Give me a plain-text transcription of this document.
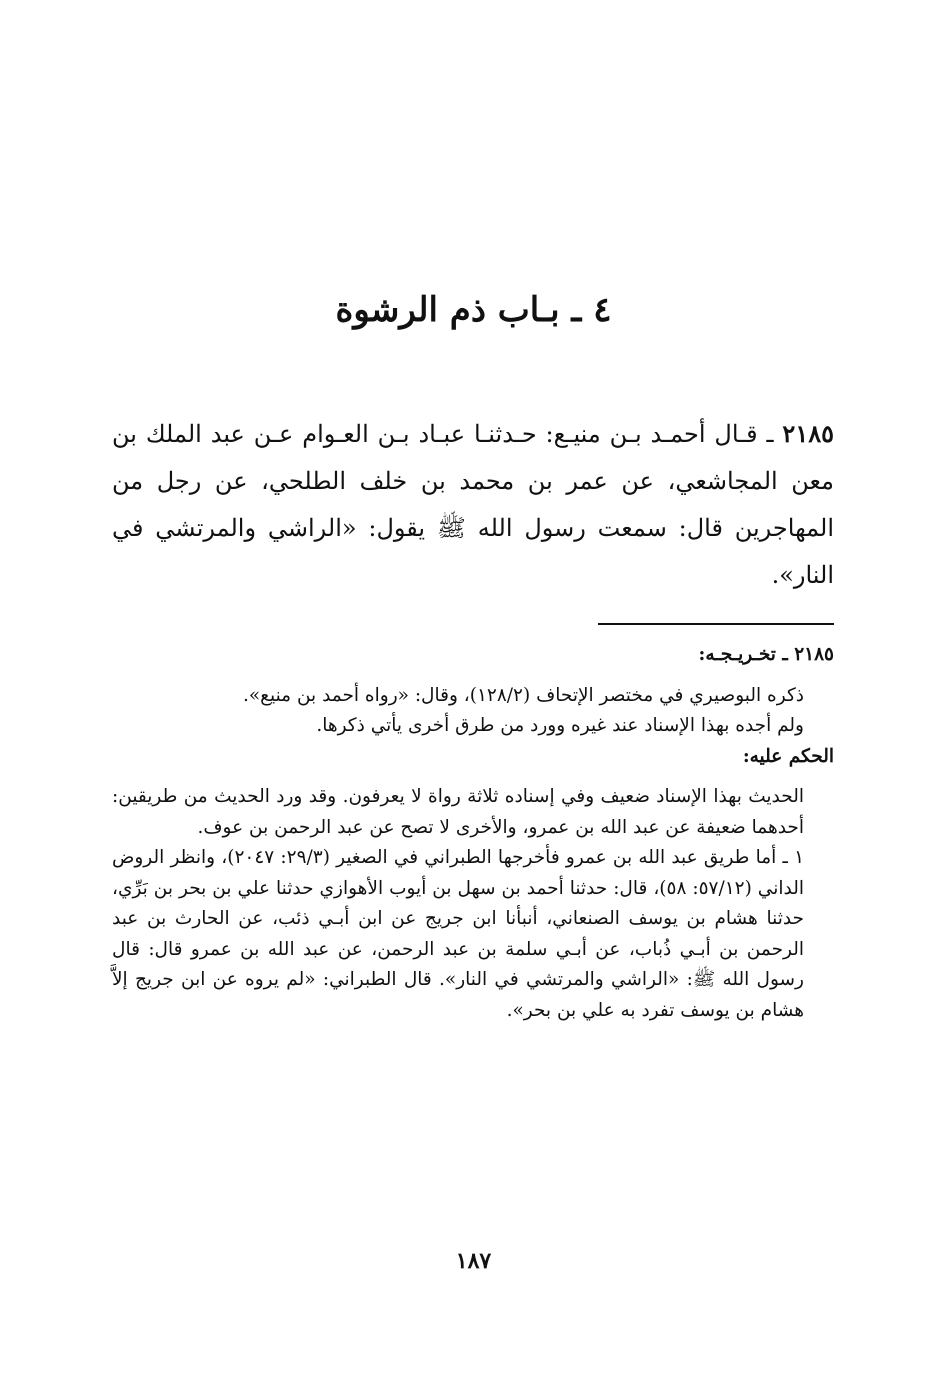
٤ ـ بـاب ذم الرشوة

٢١٨٥ ـ قـال أحمـد بـن منيـع: حـدثنـا عبـاد بـن العـوام عـن عبد الملك بن معن المجاشعي، عن عمر بن محمد بن خلف الطلحي، عن رجل من المهاجرين قال: سمعت رسول الله ﷺ يقول: «الراشي والمرتشي في النار».

٢١٨٥ ـ تخـريـجـه:

ذكره البوصيري في مختصر الإتحاف (١٢٨/٢)، وقال: «رواه أحمد بن منيع».

ولم أجده بهذا الإسناد عند غيره وورد من طرق أخرى يأتي ذكرها.

الحكم عليه:

الحديث بهذا الإسناد ضعيف وفي إسناده ثلاثة رواة لا يعرفون. وقد ورد الحديث من طريقين: أحدهما ضعيفة عن عبد الله بن عمرو، والأخرى لا تصح عن عبد الرحمن بن عوف.

١ ـ أما طريق عبد الله بن عمرو فأخرجها الطبراني في الصغير (٢٩/٣: ٢٠٤٧)، وانظر الروض الداني (٥٧/١٢: ٥٨)، قال: حدثنا أحمد بن سهل بن أيوب الأهوازي حدثنا علي بن بحر بن بَرِّي، حدثنا هشام بن يوسف الصنعاني، أنبأنا ابن جريج عن ابن أبـي ذئب، عن الحارث بن عبد الرحمن بن أبـي ذُباب، عن أبـي سلمة بن عبد الرحمن، عن عبد الله بن عمرو قال: قال رسول الله ﷺ: «الراشي والمرتشي في النار». قال الطبراني: «لم يروه عن ابن جريج إلاَّ هشام بن يوسف تفرد به علي بن بحر».

١٨٧
